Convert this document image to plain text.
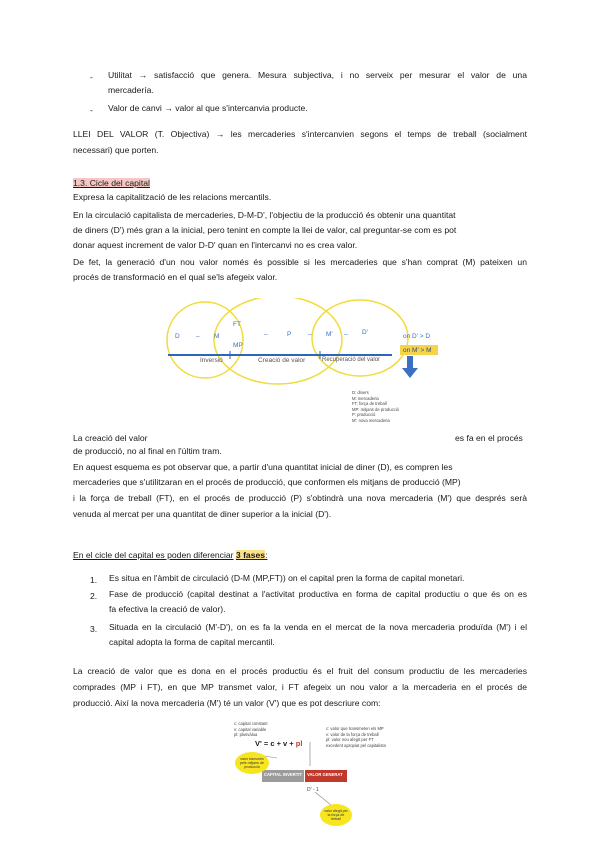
- Utilitat → satisfacció que genera. Mesura subjectiva, i no serveix per mesurar el valor de una
mercadería.
- Valor de canvi → valor al que s'intercanvia producte.
LLEI DEL VALOR (T. Objectiva) → les mercaderies s'intercanvien segons el temps de treball (socialment
necessari) que porten.
1.3. Cicle del capital
Expresa la capitalització de les relacions mercantils.
En la circulació capitalista de mercaderies, D-M-D', l'objectiu de la producció és obtenir una quantitat
de diners (D') més gran a la inicial, pero tenint en compte la llei de valor, cal preguntar-se com es pot
donar aquest increment de valor D-D' quan en l'intercanvi no es crea valor.
De fet, la generació d'un nou valor només és possible si les mercaderies que s'han comprat (M) pateixen un
procés de transformació en el qual se'ls afegeix valor.
D	– M
FT
MP
–	P	– M' – D'
Inversió	Creació de valor	Recuperació del valor
on D' > D
on M' > M
D: diners
M: mercaderia
FT: força de treball
MP: mitjans de producció
P: producció
M': nova mercaderia
La creació del valor	es fa en el procés
de producció, no al final en l'últim tram.
En aquest esquema es pot observar que, a partir d'una quantitat inicial de diner (D), es compren les
mercaderies que s'utilitzaran en el procés de producció, que conformen els mitjans de producció (MP)
i la força de treball (FT), en el procés de producció (P) s'obtindrà una nova mercaderia (M') que després serà
venuda al mercat per una quantitat de diner superior a la inicial (D').
En el cicle del capital es poden diferenciar 3 fases:
1. Es situa en l'àmbit de circulació (D-M (MP,FT)) on el capital pren la forma de capital monetari.
2. Fase de producció (capital destinat a l'activitat productiva en forma de capital productiu o que és on es
fa efectiva la creació de valor).
3. Situada en la circulació (M'-D'), on es fa la venda en el mercat de la nova mercaderia produïda (M') i el
capital adopta la forma de capital mercantil.
La creació de valor que es dona en el procés productiu és el fruit del consum productiu de les mercaderies
comprades (MP i FT), en que MP transmet valor, i FT afegeix un nou valor a la mercaderia en el procés de
producció. Així la nova mercaderia (M') té un valor (V') que es pot descriure com:
c: capital constant
v: capital variable
pl: plusvàlua
V' = c + v + pl
c: valor que transmeten els MP
v: valor de la força de treball
pl: valor nou afegit per FT
excedent apropiat pel capitalista
CAPITAL INVERTIT VALOR GENERAT
D' - 1
valor transmès pels mitjans de producció
valor afegit per la força de treball
